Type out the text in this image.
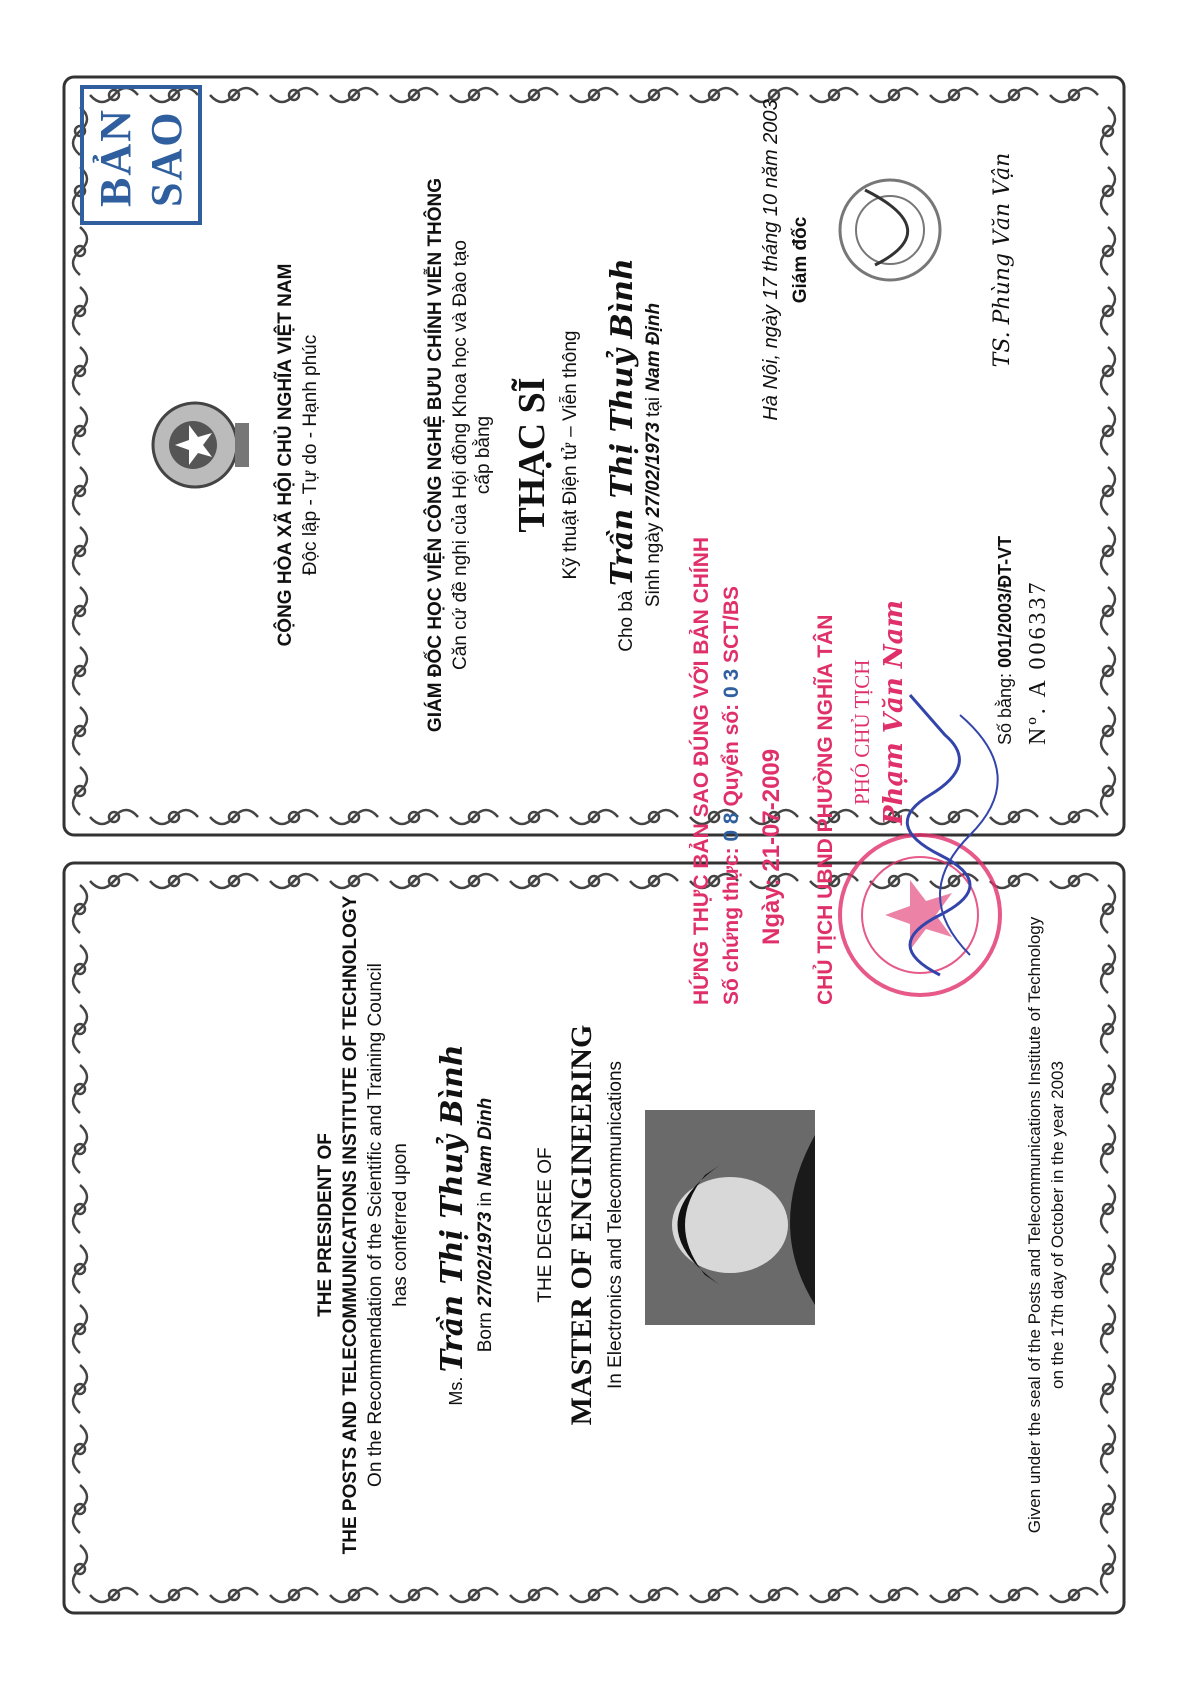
THE PRESIDENT OF THE POSTS AND TELECOMMUNICATIONS INSTITUTE OF TECHNOLOGY On the Recommendation of the Scientific and Training Council has conferred upon
Ms. Trần Thị Thuỷ Bình Born 27/02/1973 in Nam Dinh
THE DEGREE OF MASTER OF ENGINEERING In Electronics and Telecommunications	Given under the seal of the Posts and Telecommunications Institute of Technology on the 17th day of October in the year 2003
BẢN SAO
CỘNG HÒA XÃ HỘI CHỦ NGHĨA VIỆT NAM Độc lập - Tự do - Hạnh phúc	GIÁM ĐỐC HỌC VIỆN CÔNG NGHỆ BƯU CHÍNH VIỄN THÔNG Căn cứ đề nghị của Hội đồng Khoa học và Đào tạo cấp bằng THẠC SĨ Kỹ thuật Điện tử – Viễn thông
Cho bà Trần Thị Thuỷ Bình Sinh ngày 27/02/1973 tại Nam Định	Hà Nội, ngày 17 tháng 10 năm 2003 Giám đốc	TS. Phùng Văn Vận
Số bằng: 001/2003/ĐT-VT
Nº. A 006337
HỨNG THỰC BẢN SAO ĐÚNG VỚI BẢN CHÍNH Số chứng thực: 0 8 Quyển số: 0 3 SCT/BS
Ngày: 21-07-2009 CHỦ TỊCH UBND PHƯỜNG NGHĨA TÂN PHÓ CHỦ TỊCH Phạm Văn Nam
